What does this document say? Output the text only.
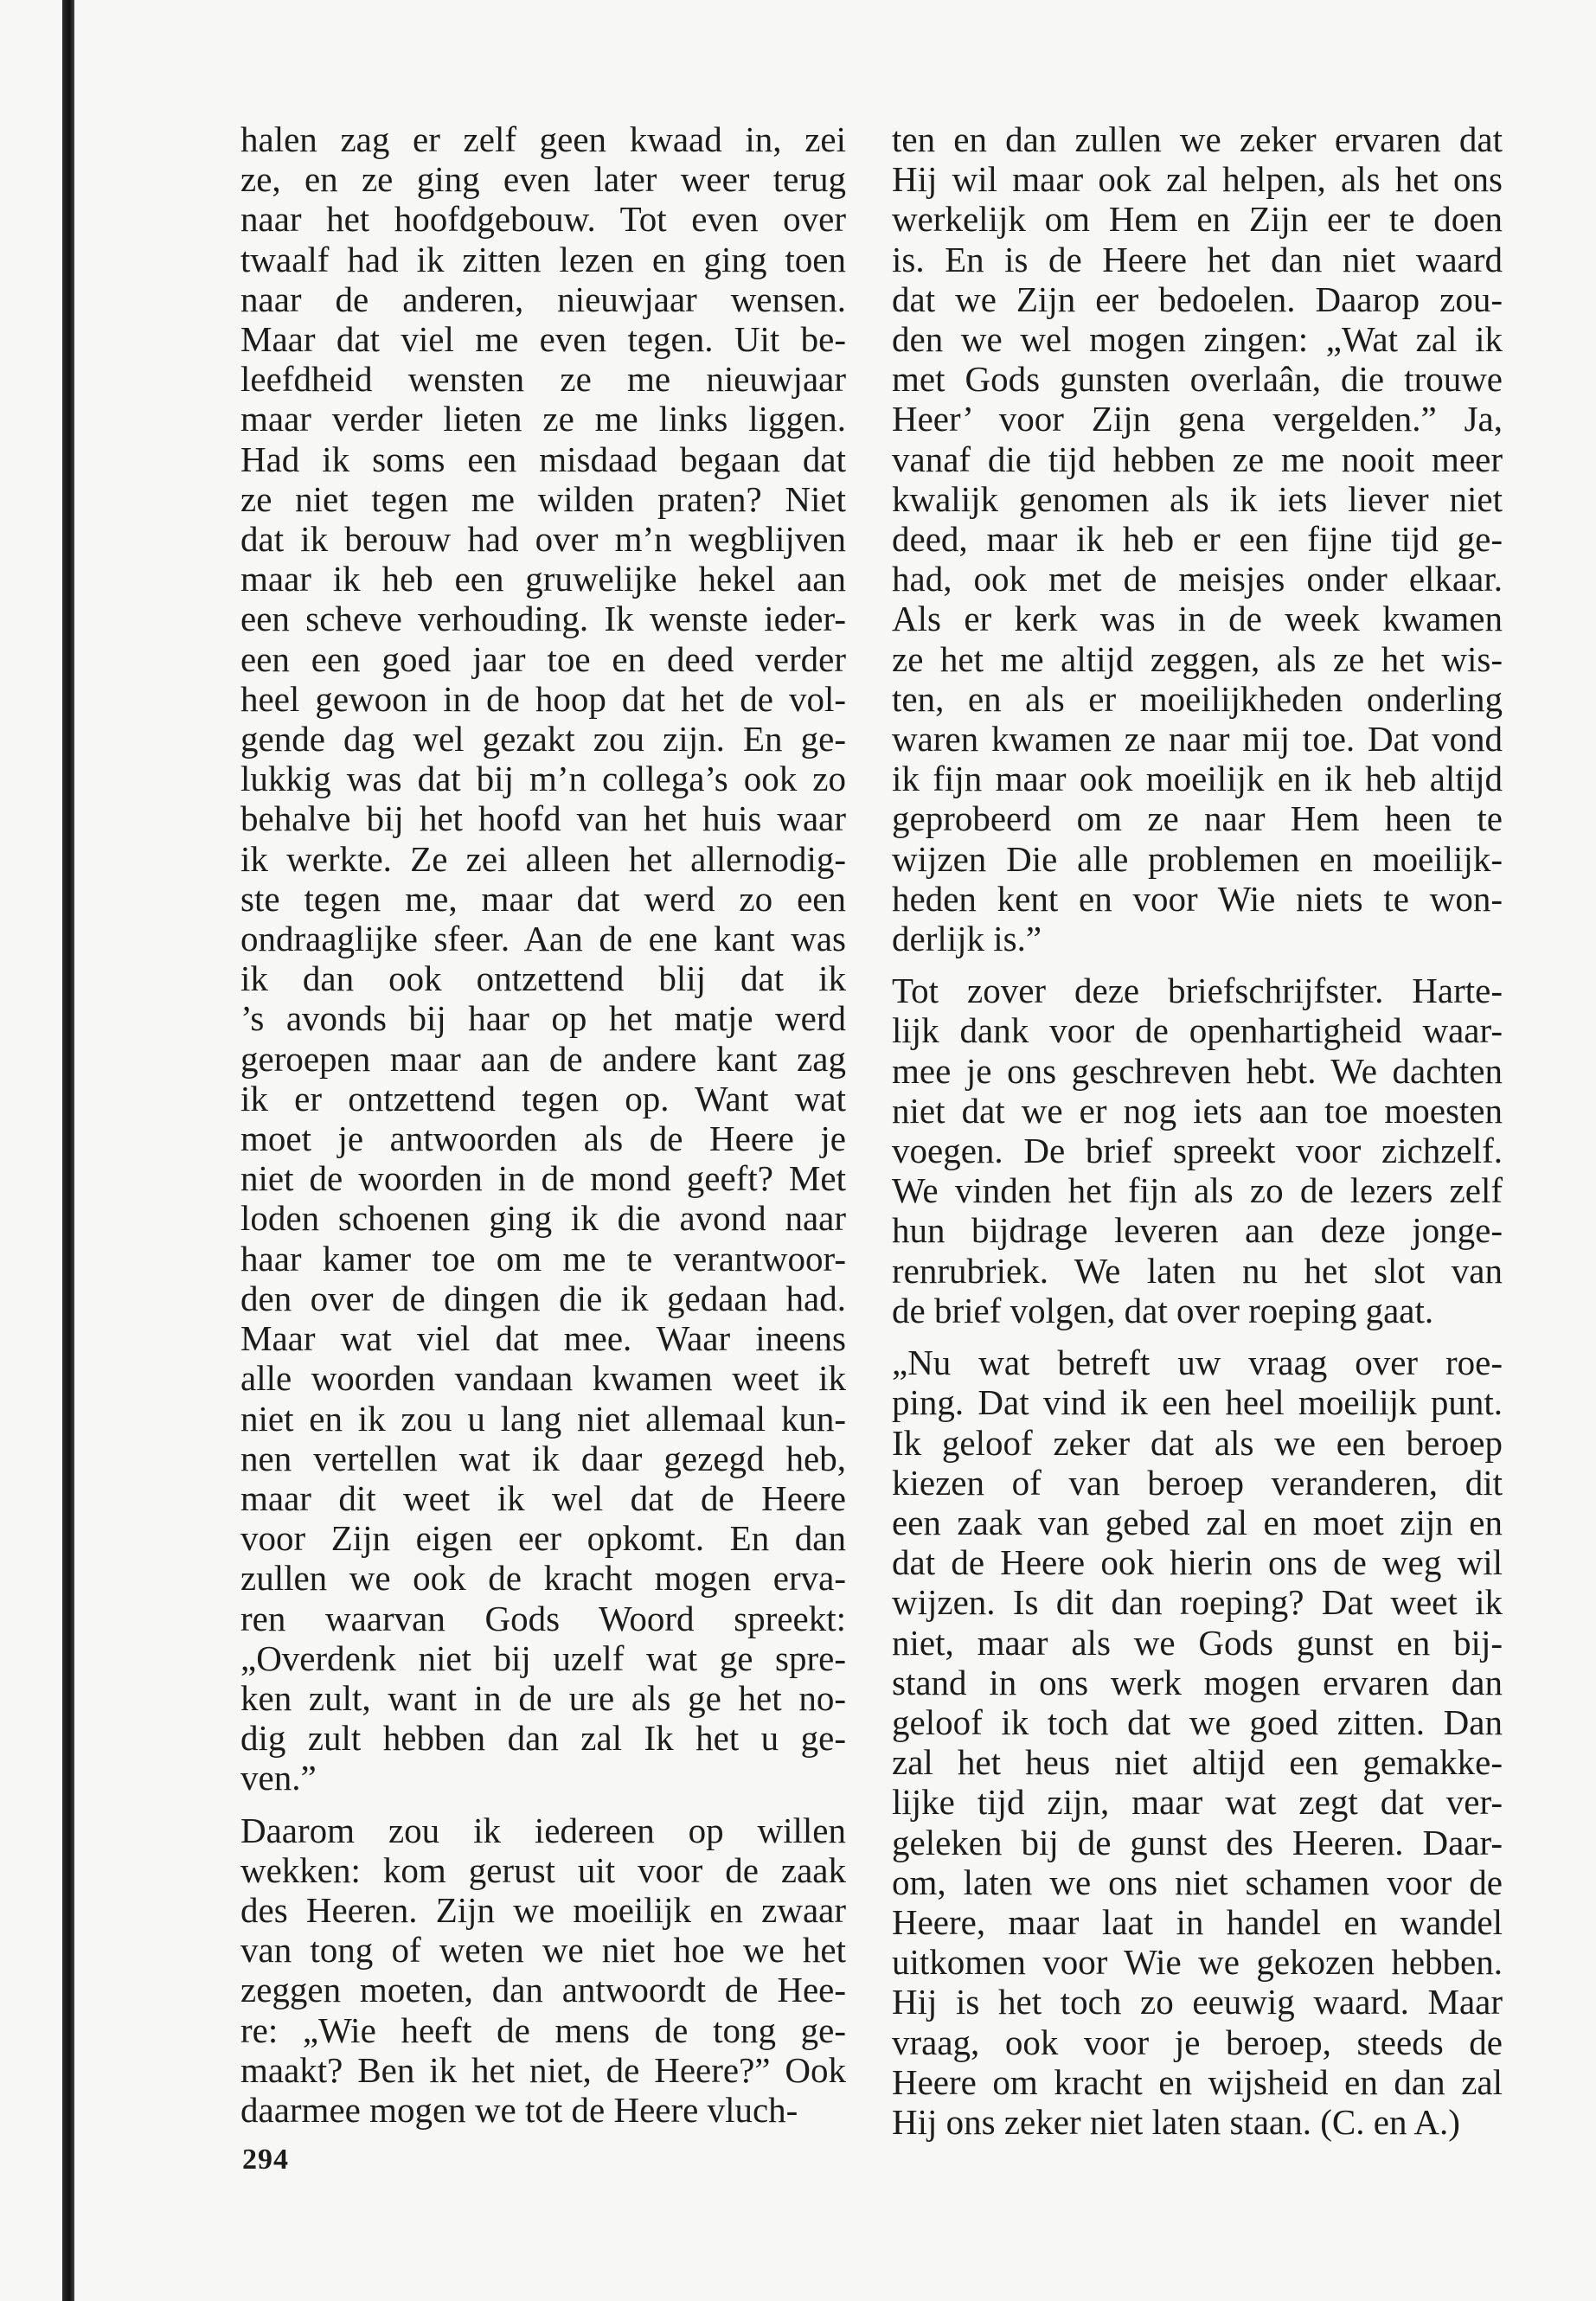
halen zag er zelf geen kwaad in, zei
ze, en ze ging even later weer terug
naar het hoofdgebouw. Tot even over
twaalf had ik zitten lezen en ging toen
naar de anderen, nieuwjaar wensen.
Maar dat viel me even tegen. Uit be-
leefdheid wensten ze me nieuwjaar
maar verder lieten ze me links liggen.
Had ik soms een misdaad begaan dat
ze niet tegen me wilden praten? Niet
dat ik berouw had over m’n wegblijven
maar ik heb een gruwelijke hekel aan
een scheve verhouding. Ik wenste ieder-
een een goed jaar toe en deed verder
heel gewoon in de hoop dat het de vol-
gende dag wel gezakt zou zijn. En ge-
lukkig was dat bij m’n collega’s ook zo
behalve bij het hoofd van het huis waar
ik werkte. Ze zei alleen het allernodig-
ste tegen me, maar dat werd zo een
ondraaglijke sfeer. Aan de ene kant was
ik dan ook ontzettend blij dat ik
’s avonds bij haar op het matje werd
geroepen maar aan de andere kant zag
ik er ontzettend tegen op. Want wat
moet je antwoorden als de Heere je
niet de woorden in de mond geeft? Met
loden schoenen ging ik die avond naar
haar kamer toe om me te verantwoor-
den over de dingen die ik gedaan had.
Maar wat viel dat mee. Waar ineens
alle woorden vandaan kwamen weet ik
niet en ik zou u lang niet allemaal kun-
nen vertellen wat ik daar gezegd heb,
maar dit weet ik wel dat de Heere
voor Zijn eigen eer opkomt. En dan
zullen we ook de kracht mogen erva-
ren waarvan Gods Woord spreekt:
„Overdenk niet bij uzelf wat ge spre-
ken zult, want in de ure als ge het no-
dig zult hebben dan zal Ik het u ge-
ven.”
Daarom zou ik iedereen op willen
wekken: kom gerust uit voor de zaak
des Heeren. Zijn we moeilijk en zwaar
van tong of weten we niet hoe we het
zeggen moeten, dan antwoordt de Hee-
re: „Wie heeft de mens de tong ge-
maakt? Ben ik het niet, de Heere?” Ook
daarmee mogen we tot de Heere vluch-
ten en dan zullen we zeker ervaren dat
Hij wil maar ook zal helpen, als het ons
werkelijk om Hem en Zijn eer te doen
is. En is de Heere het dan niet waard
dat we Zijn eer bedoelen. Daarop zou-
den we wel mogen zingen: „Wat zal ik
met Gods gunsten overlaân, die trouwe
Heer’ voor Zijn gena vergelden.” Ja,
vanaf die tijd hebben ze me nooit meer
kwalijk genomen als ik iets liever niet
deed, maar ik heb er een fijne tijd ge-
had, ook met de meisjes onder elkaar.
Als er kerk was in de week kwamen
ze het me altijd zeggen, als ze het wis-
ten, en als er moeilijkheden onderling
waren kwamen ze naar mij toe. Dat vond
ik fijn maar ook moeilijk en ik heb altijd
geprobeerd om ze naar Hem heen te
wijzen Die alle problemen en moeilijk-
heden kent en voor Wie niets te won-
derlijk is.”
Tot zover deze briefschrijfster. Harte-
lijk dank voor de openhartigheid waar-
mee je ons geschreven hebt. We dachten
niet dat we er nog iets aan toe moesten
voegen. De brief spreekt voor zichzelf.
We vinden het fijn als zo de lezers zelf
hun bijdrage leveren aan deze jonge-
renrubriek. We laten nu het slot van
de brief volgen, dat over roeping gaat.
„Nu wat betreft uw vraag over roe-
ping. Dat vind ik een heel moeilijk punt.
Ik geloof zeker dat als we een beroep
kiezen of van beroep veranderen, dit
een zaak van gebed zal en moet zijn en
dat de Heere ook hierin ons de weg wil
wijzen. Is dit dan roeping? Dat weet ik
niet, maar als we Gods gunst en bij-
stand in ons werk mogen ervaren dan
geloof ik toch dat we goed zitten. Dan
zal het heus niet altijd een gemakke-
lijke tijd zijn, maar wat zegt dat ver-
geleken bij de gunst des Heeren. Daar-
om, laten we ons niet schamen voor de
Heere, maar laat in handel en wandel
uitkomen voor Wie we gekozen hebben.
Hij is het toch zo eeuwig waard. Maar
vraag, ook voor je beroep, steeds de
Heere om kracht en wijsheid en dan zal
Hij ons zeker niet laten staan. (C. en A.)
294
